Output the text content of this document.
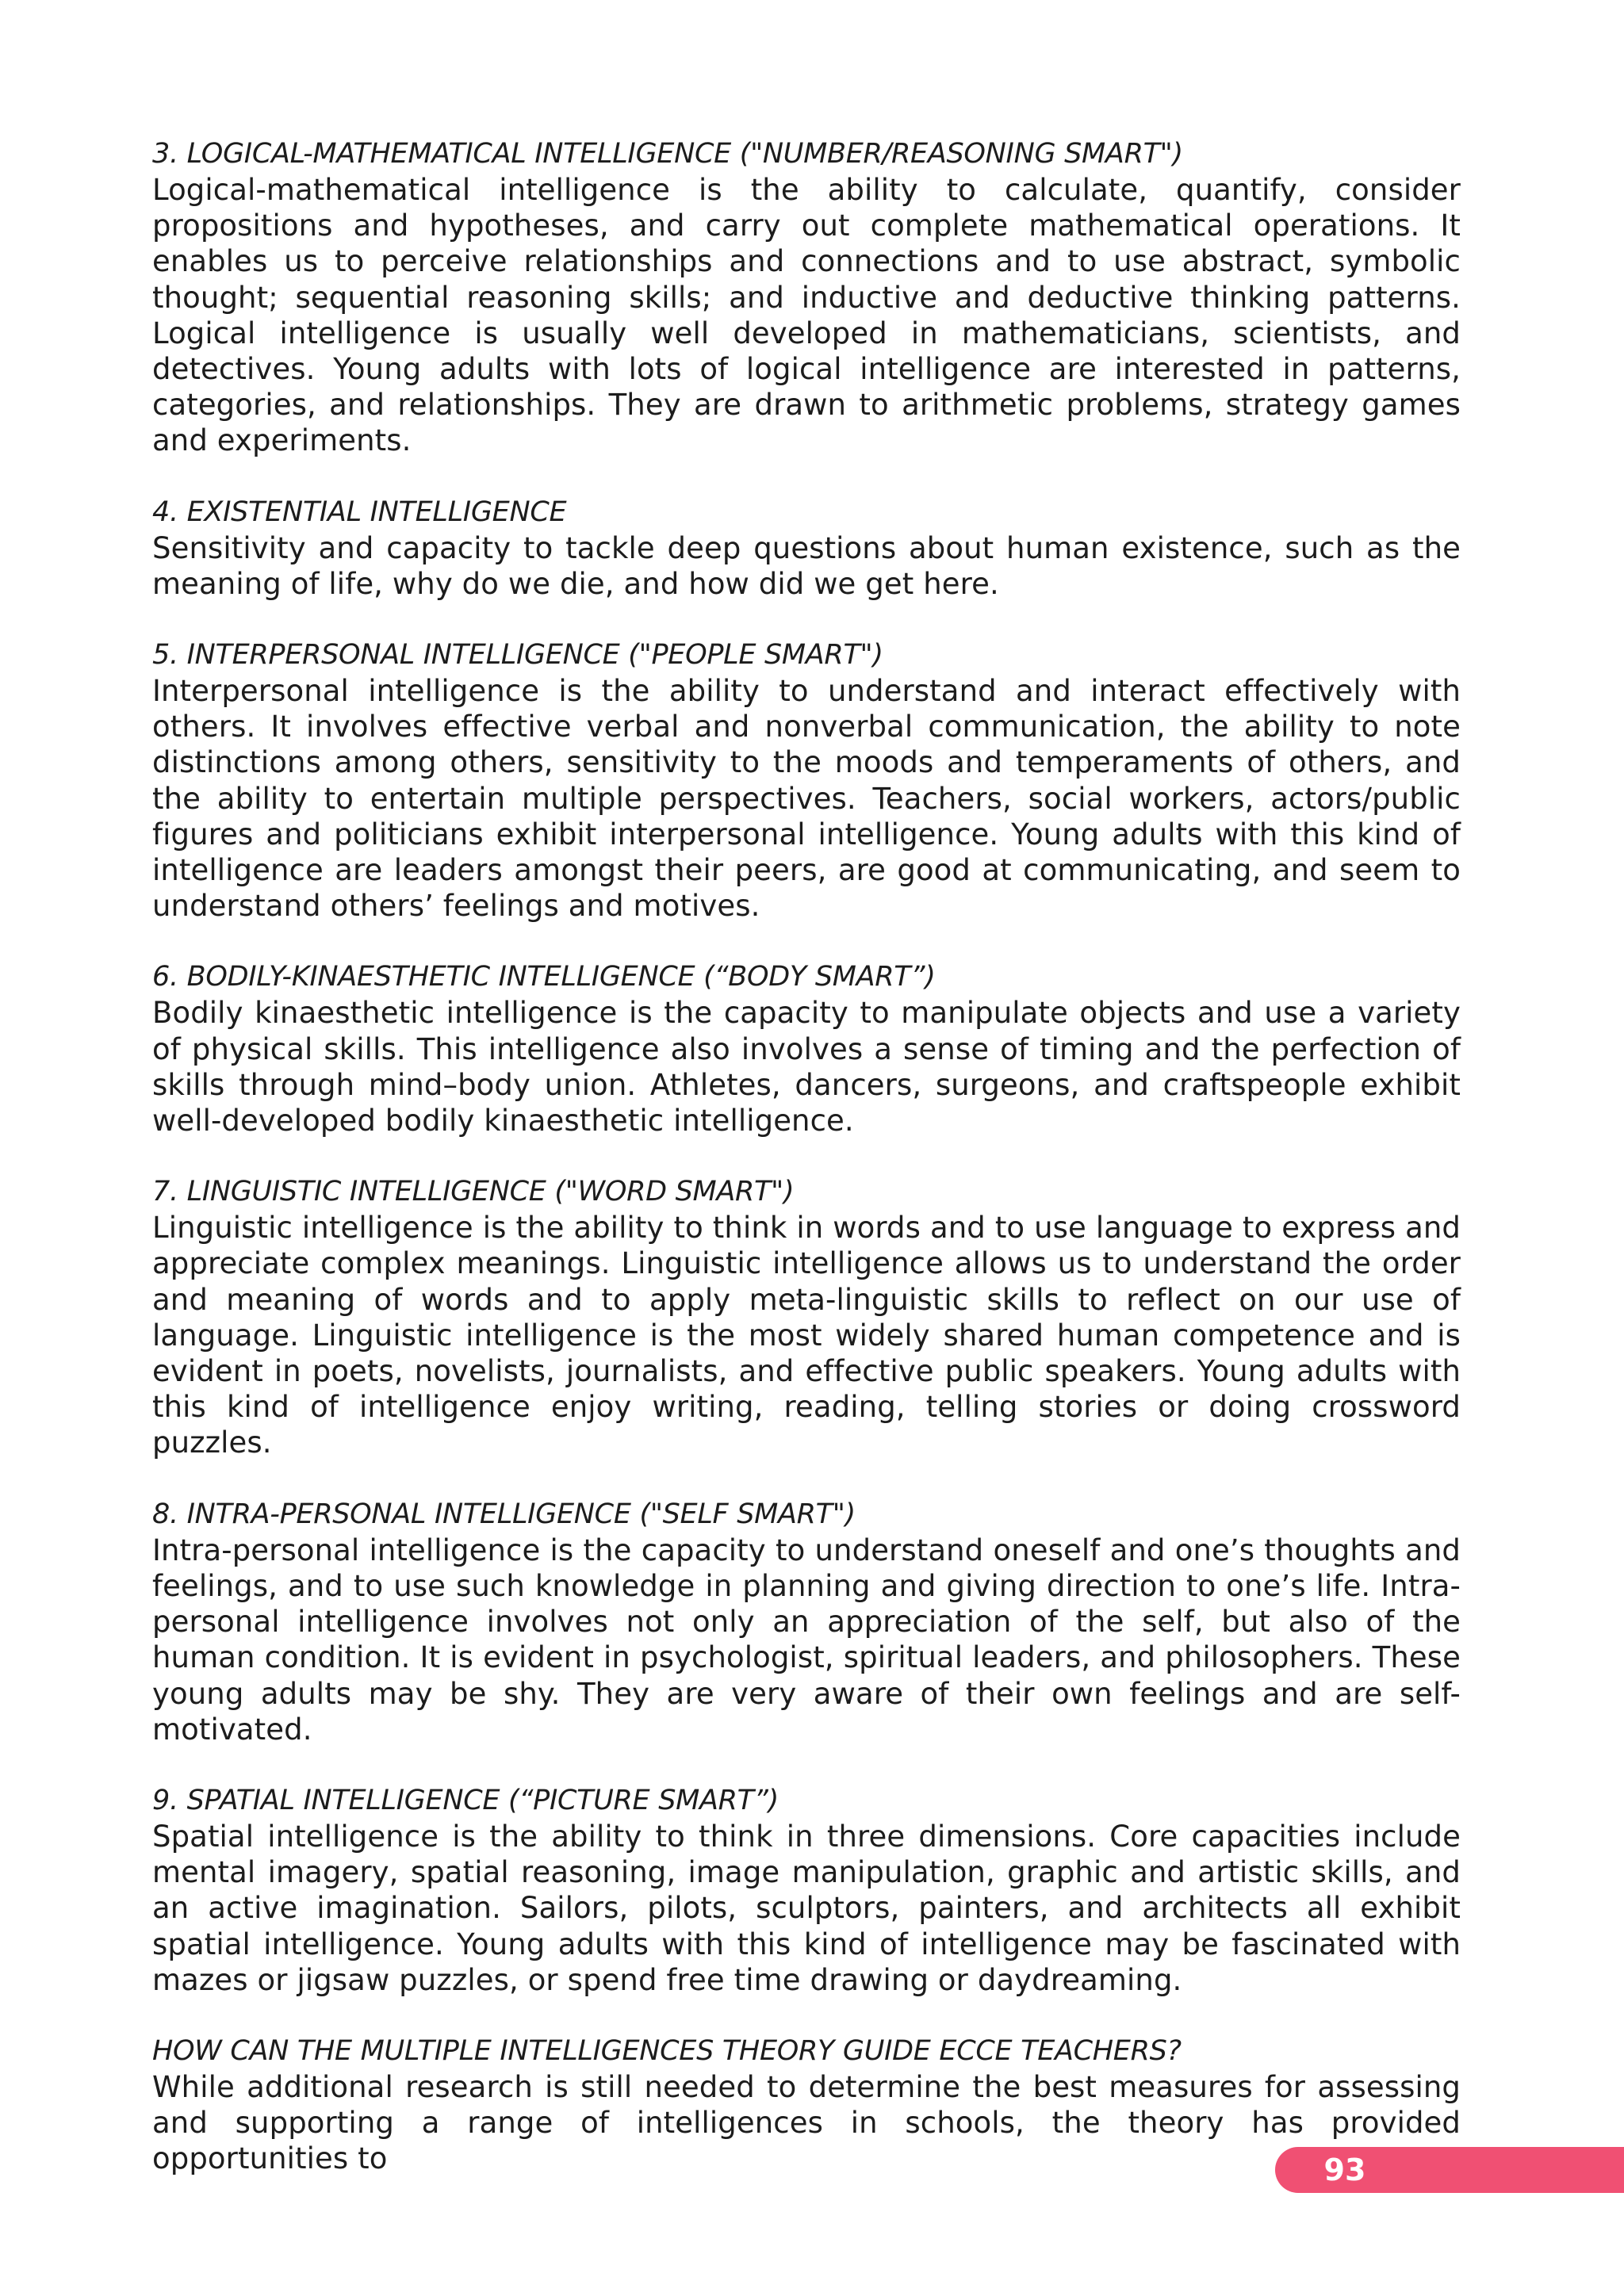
3. LOGICAL-MATHEMATICAL INTELLIGENCE ("NUMBER/REASONING SMART")

Logical-mathematical intelligence is the ability to calculate, quantify, consider propositions and hypotheses, and carry out complete mathematical operations. It enables us to perceive relationships and connections and to use abstract, symbolic thought; sequential reasoning skills; and inductive and deductive thinking patterns. Logical intelligence is usually well developed in mathematicians, scientists, and detectives. Young adults with lots of logical intelligence are interested in patterns, categories, and relationships. They are drawn to arithmetic problems, strategy games and experiments.

4. EXISTENTIAL INTELLIGENCE

Sensitivity and capacity to tackle deep questions about human existence, such as the meaning of life, why do we die, and how did we get here.

5. INTERPERSONAL INTELLIGENCE ("PEOPLE SMART")

Interpersonal intelligence is the ability to understand and interact effectively with others. It involves effective verbal and nonverbal communication, the ability to note distinctions among others, sensitivity to the moods and temperaments of others, and the ability to entertain multiple perspectives. Teachers, social workers, actors/public figures and politicians exhibit interpersonal intelligence. Young adults with this kind of intelligence are leaders amongst their peers, are good at communicating, and seem to understand others’ feelings and motives.

6. BODILY-KINAESTHETIC INTELLIGENCE (“BODY SMART”)

Bodily kinaesthetic intelligence is the capacity to manipulate objects and use a variety of physical skills. This intelligence also involves a sense of timing and the perfection of skills through mind–body union. Athletes, dancers, surgeons, and craftspeople exhibit well-developed bodily kinaesthetic intelligence.

7. LINGUISTIC INTELLIGENCE ("WORD SMART")

Linguistic intelligence is the ability to think in words and to use language to express and appreciate complex meanings. Linguistic intelligence allows us to understand the order and meaning of words and to apply meta-linguistic skills to reflect on our use of language. Linguistic intelligence is the most widely shared human competence and is evident in poets, novelists, journalists, and effective public speakers. Young adults with this kind of intelligence enjoy writing, reading, telling stories or doing crossword puzzles.

8. INTRA-PERSONAL INTELLIGENCE ("SELF SMART")

Intra-personal intelligence is the capacity to understand oneself and one’s thoughts and feelings, and to use such knowledge in planning and giving direction to one’s life. Intra-personal intelligence involves not only an appreciation of the self, but also of the human condition. It is evident in psychologist, spiritual leaders, and philosophers. These young adults may be shy. They are very aware of their own feelings and are self-motivated.

9. SPATIAL INTELLIGENCE (“PICTURE SMART”)

Spatial intelligence is the ability to think in three dimensions. Core capacities include mental imagery, spatial reasoning, image manipulation, graphic and artistic skills, and an active imagination. Sailors, pilots, sculptors, painters, and architects all exhibit spatial intelligence. Young adults with this kind of intelligence may be fascinated with mazes or jigsaw puzzles, or spend free time drawing or daydreaming.

HOW CAN THE MULTIPLE INTELLIGENCES THEORY GUIDE ECCE TEACHERS?

While additional research is still needed to determine the best measures for assessing and supporting a range of intelligences in schools, the theory has provided opportunities to	93
